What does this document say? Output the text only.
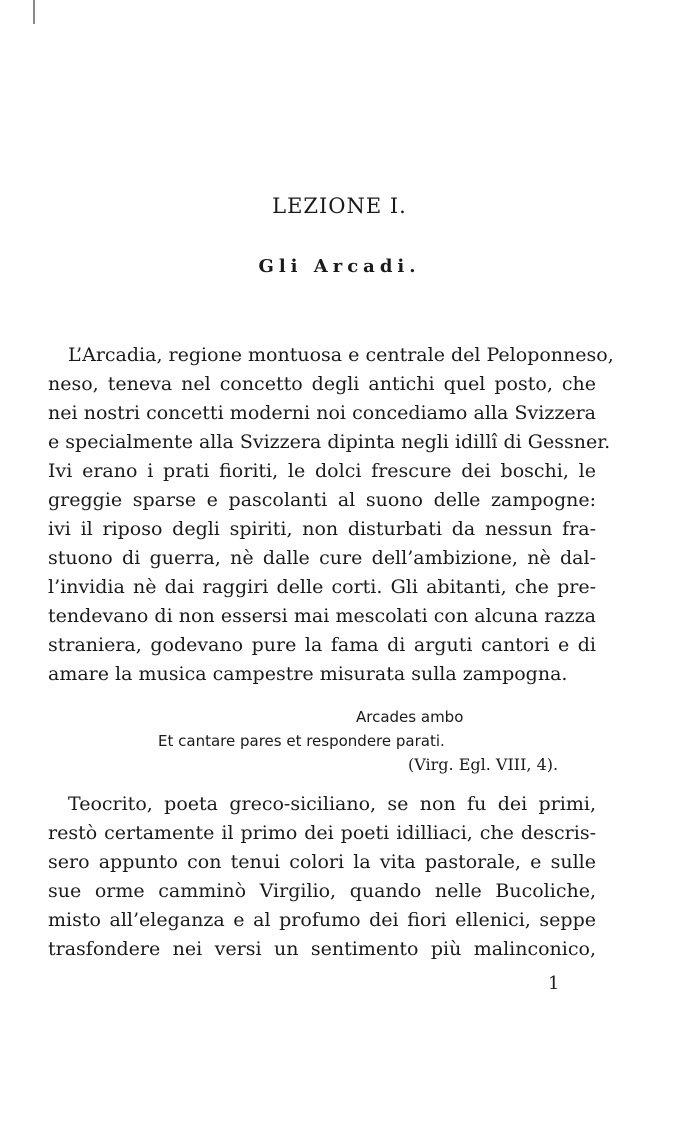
LEZIONE I.
Gli Arcadi.
L’Arcadia, regione montuosa e centrale del Peloponneso,
neso, teneva nel concetto degli antichi quel posto, che
nei nostri concetti moderni noi concediamo alla Svizzera
e specialmente alla Svizzera dipinta negli idillî di Gessner.
Ivi erano i prati fioriti, le dolci frescure dei boschi, le
greggie sparse e pascolanti al suono delle zampogne:
ivi il riposo degli spiriti, non disturbati da nessun fra-
stuono di guerra, nè dalle cure dell’ambizione, nè dal-
l’invidia nè dai raggiri delle corti. Gli abitanti, che pre-
tendevano di non essersi mai mescolati con alcuna razza
straniera, godevano pure la fama di arguti cantori e di
amare la musica campestre misurata sulla zampogna.
Arcades ambo
Et cantare pares et respondere parati.
(Virg. Egl. VIII, 4).
Teocrito, poeta greco-siciliano, se non fu dei primi,
restò certamente il primo dei poeti idilliaci, che descris-
sero appunto con tenui colori la vita pastorale, e sulle
sue orme camminò Virgilio, quando nelle Bucoliche,
misto all’eleganza e al profumo dei fiori ellenici, seppe
trasfondere nei versi un sentimento più malinconico,
1
